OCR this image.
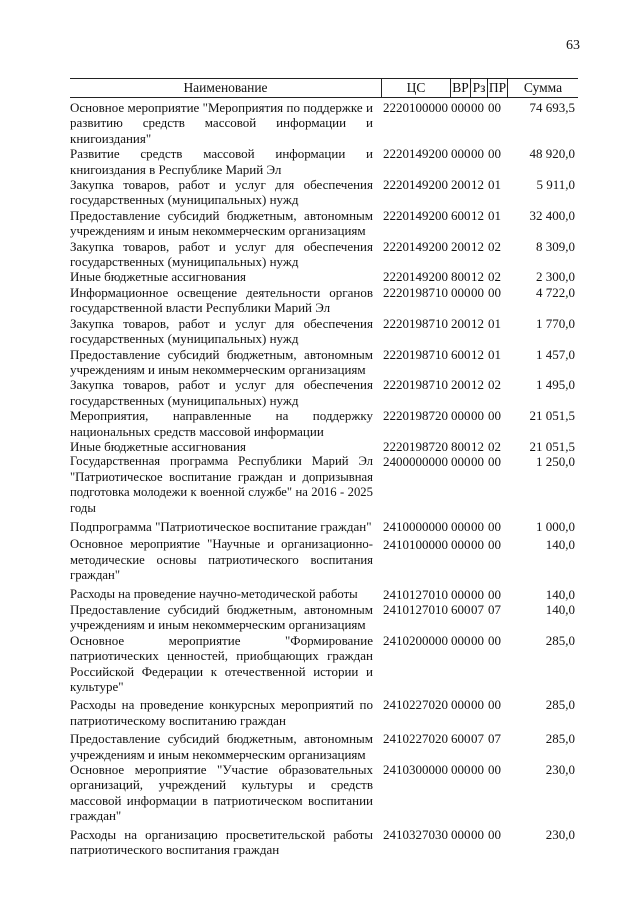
63
Наименование	ЦС	ВР Рз ПР	Сумма
Основное мероприятие "Мероприятия по поддержке и развитию средств массовой информации и книгоиздания"
2220100000 000 00 00	74 693,5
Развитие средств массовой информации и книгоиздания в Республике Марий Эл
2220149200 000 00 00	48 920,0
Закупка товаров, работ и услуг для обеспечения государственных (муниципальных) нужд
2220149200 200 12 01	5 911,0
Предоставление субсидий бюджетным, автономным учреждениям и иным некоммерческим организациям
2220149200 600 12 01	32 400,0
Закупка товаров, работ и услуг для обеспечения государственных (муниципальных) нужд
2220149200 200 12 02	8 309,0
Иные бюджетные ассигнования	2220149200 800 12 02	2 300,0
Информационное освещение деятельности органов государственной власти Республики Марий Эл
2220198710 000 00 00	4 722,0
Закупка товаров, работ и услуг для обеспечения государственных (муниципальных) нужд
2220198710 200 12 01	1 770,0
Предоставление субсидий бюджетным, автономным учреждениям и иным некоммерческим организациям
2220198710 600 12 01	1 457,0
Закупка товаров, работ и услуг для обеспечения государственных (муниципальных) нужд
2220198710 200 12 02	1 495,0
Мероприятия, направленные на поддержку национальных средств массовой информации
2220198720 000 00 00	21 051,5
Иные бюджетные ассигнования	2220198720 800 12 02	21 051,5
Государственная программа Республики Марий Эл "Патриотическое воспитание граждан и допризывная подготовка молодежи к военной службе" на 2016 - 2025 годы
2400000000 000 00 00	1 250,0
Подпрограмма "Патриотическое воспитание граждан" 2410000000 000 00 00	1 000,0
Основное мероприятие "Научные и организационно-методические основы патриотического воспитания граждан"
2410100000 000 00 00	140,0
Расходы на проведение научно-методической работы	2410127010 000 00 00	140,0
Предоставление субсидий бюджетным, автономным учреждениям и иным некоммерческим организациям
2410127010 600 07 07	140,0
Основное мероприятие "Формирование патриотических ценностей, приобщающих граждан Российской Федерации к отечественной истории и культуре"
2410200000 000 00 00	285,0
Расходы на проведение конкурсных мероприятий по патриотическому воспитанию граждан
2410227020 000 00 00	285,0
Предоставление субсидий бюджетным, автономным учреждениям и иным некоммерческим организациям
2410227020 600 07 07	285,0
Основное мероприятие "Участие образовательных организаций, учреждений культуры и средств массовой информации в патриотическом воспитании граждан"
2410300000 000 00 00	230,0
Расходы на организацию просветительской работы патриотического воспитания граждан
2410327030 000 00 00	230,0
